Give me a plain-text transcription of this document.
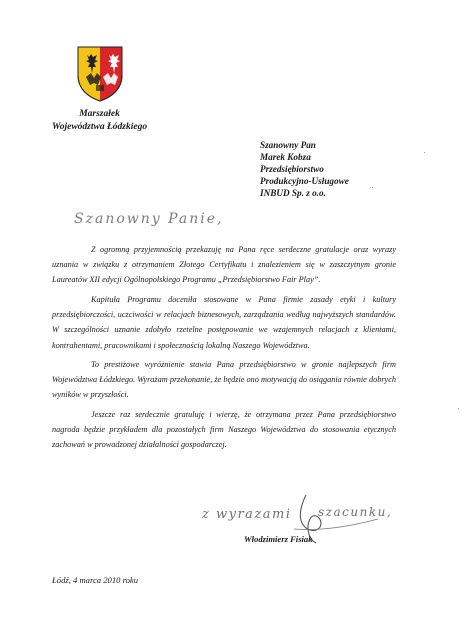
Marszałek
Województwa Łódzkiego
Szanowny Pan
Marek Kobza
Przedsiębiorstwo
Produkcyjno-Usługowe
INBUD Sp. z o.o.
Szanowny Panie,

Z ogromną przyjemnością przekazuję na Pana ręce serdeczne gratulacje oraz wyrazy uznania w związku z otrzymaniem Złotego Certyfikatu i znalezieniem się w zaszczytnym gronie Laureatów XII edycji Ogólnopolskiego Programu „Przedsiębiorstwo Fair Play”.

Kapituła Programu doceniła stosowane w Pana firmie zasady etyki i kultury przedsiębiorczości, uczciwości w relacjach biznesowych, zarządzania według najwyższych standardów. W szczególności uznanie zdobyło rzetelne postępowanie we wzajemnych relacjach z klientami, kontrahentami, pracownikami i społecznością lokalną Naszego Województwa.

To prestiżowe wyróżnienie stawia Pana przedsiębiorstwo w gronie najlepszych firm Województwa Łódzkiego. Wyrażam przekonanie, że będzie ono motywacją do osiągania równie dobrych wyników w przyszłości.

Jeszcze raz serdecznie gratuluję i wierzę, że otrzymana przez Pana przedsiębiorstwo nagroda będzie przykładem dla pozostałych firm Naszego Województwa do stosowania etycznych zachowań w prowadzonej działalności gospodarczej.

z wyrazami szacunku,
Włodzimierz Fisiak
Łódź, 4 marca 2010 roku
